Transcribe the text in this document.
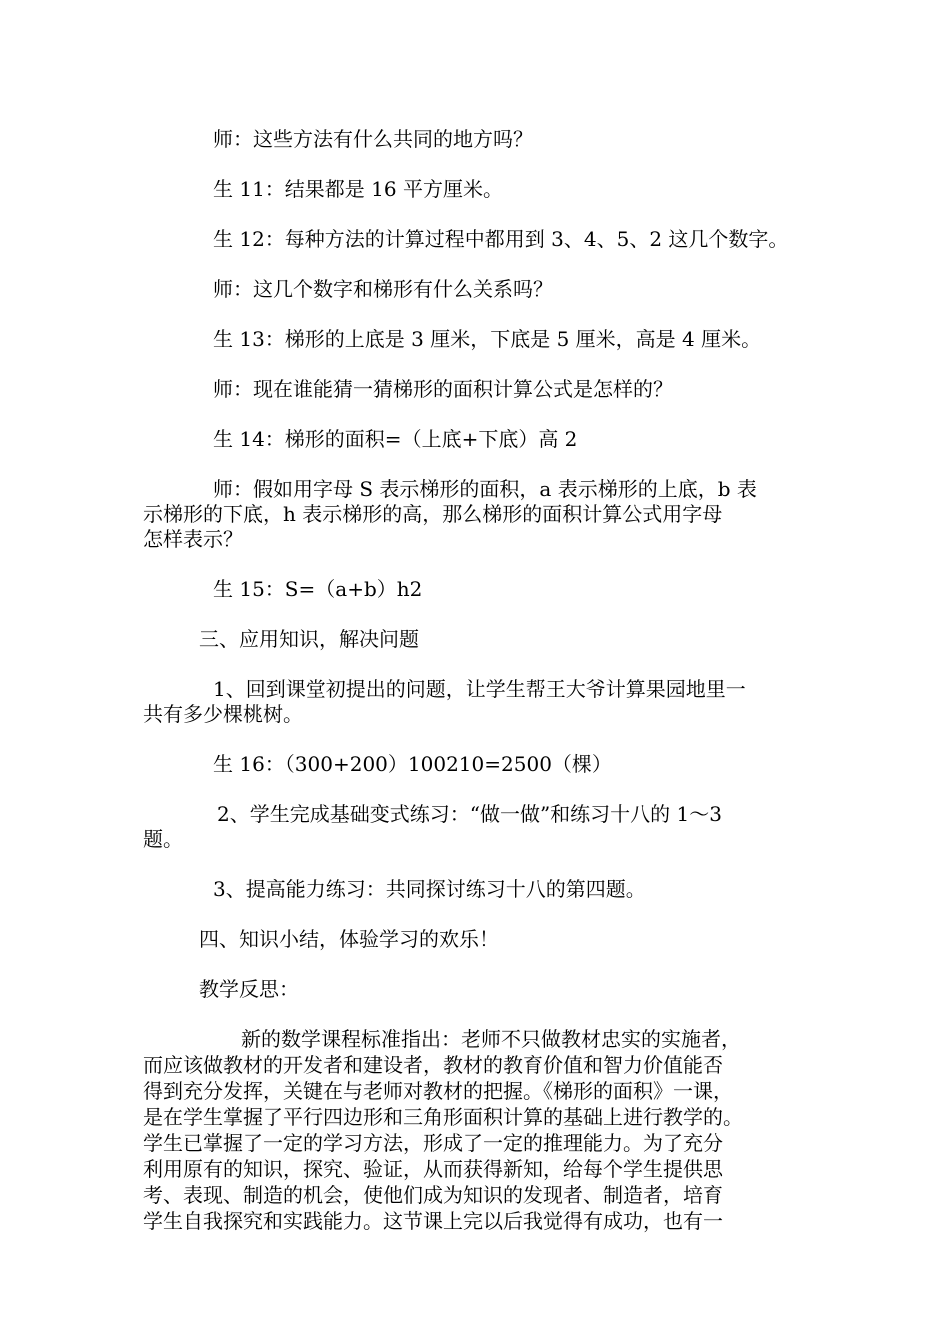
师：这些方法有什么共同的地方吗？
生 11：结果都是 16 平方厘米。
生 12：每种方法的计算过程中都用到 3、4、5、2 这几个数字。
师：这几个数字和梯形有什么关系吗？
生 13：梯形的上底是 3 厘米，下底是 5 厘米，高是 4 厘米。
师：现在谁能猜一猜梯形的面积计算公式是怎样的？
生 14：梯形的面积=（上底+下底）高 2
师：假如用字母 S 表示梯形的面积，a 表示梯形的上底，b 表
示梯形的下底，h 表示梯形的高，那么梯形的面积计算公式用字母
怎样表示？
生 15：S=（a+b）h2
三、应用知识，解决问题
1、回到课堂初提出的问题，让学生帮王大爷计算果园地里一
共有多少棵桃树。
生 16：（300+200）100210=2500（棵）
2、学生完成基础变式练习：“做一做”和练习十八的 1～3
题。
3、提高能力练习：共同探讨练习十八的第四题。
四、知识小结，体验学习的欢乐！
教学反思：
新的数学课程标准指出：老师不只做教材忠实的实施者，
而应该做教材的开发者和建设者，教材的教育价值和智力价值能否
得到充分发挥，关键在与老师对教材的把握。《梯形的面积》一课，
是在学生掌握了平行四边形和三角形面积计算的基础上进行教学的。
学生已掌握了一定的学习方法，形成了一定的推理能力。为了充分
利用原有的知识，探究、验证，从而获得新知，给每个学生提供思
考、表现、制造的机会，使他们成为知识的发现者、制造者，培育
学生自我探究和实践能力。这节课上完以后我觉得有成功，也有一
